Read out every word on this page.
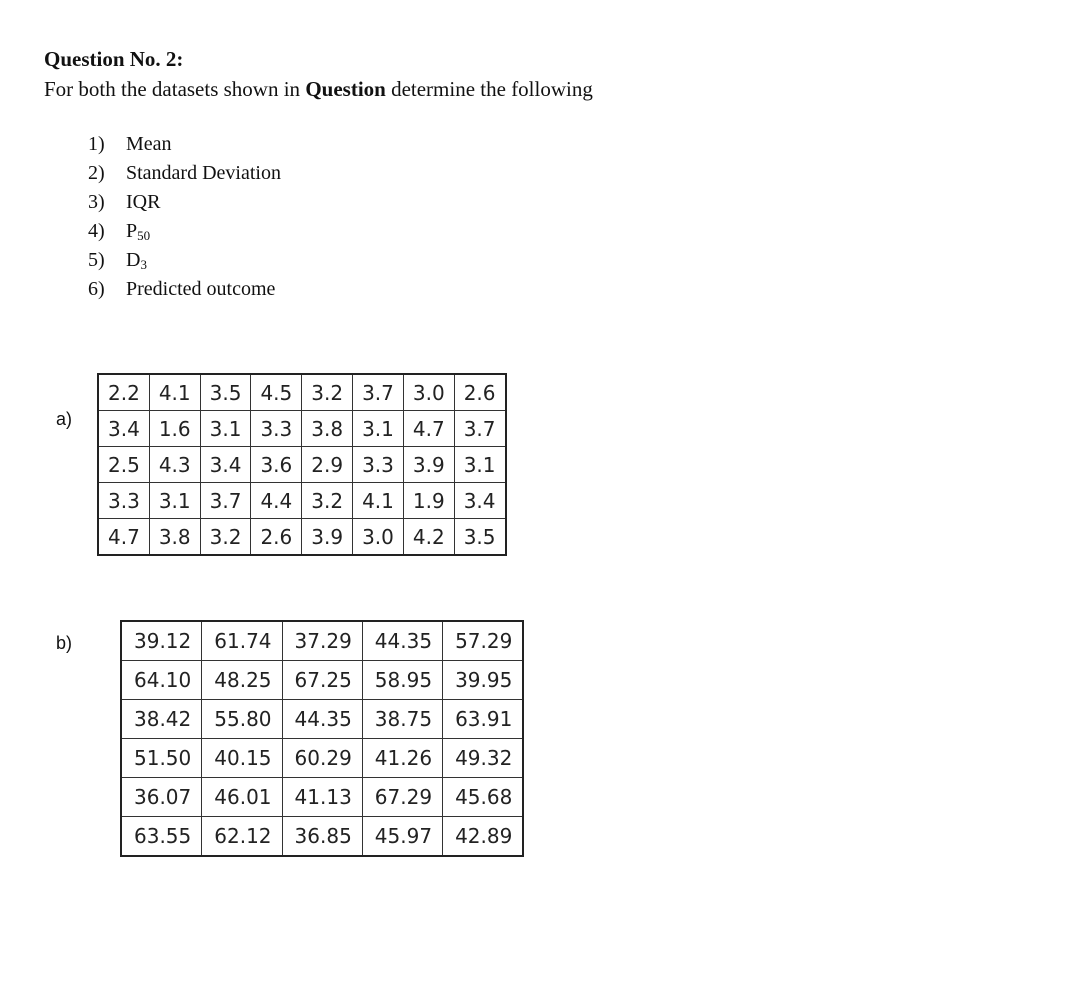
Question No. 2:
For both the datasets shown in Question determine the following
1) Mean
2) Standard Deviation
3) IQR
4) $P_{50}$
5) $D_3$
6) Predicted outcome
a)
2.2	4.1	3.5	4.5	3.2	3.7	3.0	2.6
3.4	1.6	3.1	3.3	3.8	3.1	4.7	3.7
2.5	4.3	3.4	3.6	2.9	3.3	3.9	3.1
3.3	3.1	3.7	4.4	3.2	4.1	1.9	3.4
4.7	3.8	3.2	2.6	3.9	3.0	4.2	3.5
b)	39.12	61.74	37.29	44.35	57.29
64.10	48.25	67.25	58.95	39.95
38.42	55.80	44.35	38.75	63.91
51.50	40.15	60.29	41.26	49.32
36.07	46.01	41.13	67.29	45.68
63.55	62.12	36.85	45.97	42.89
